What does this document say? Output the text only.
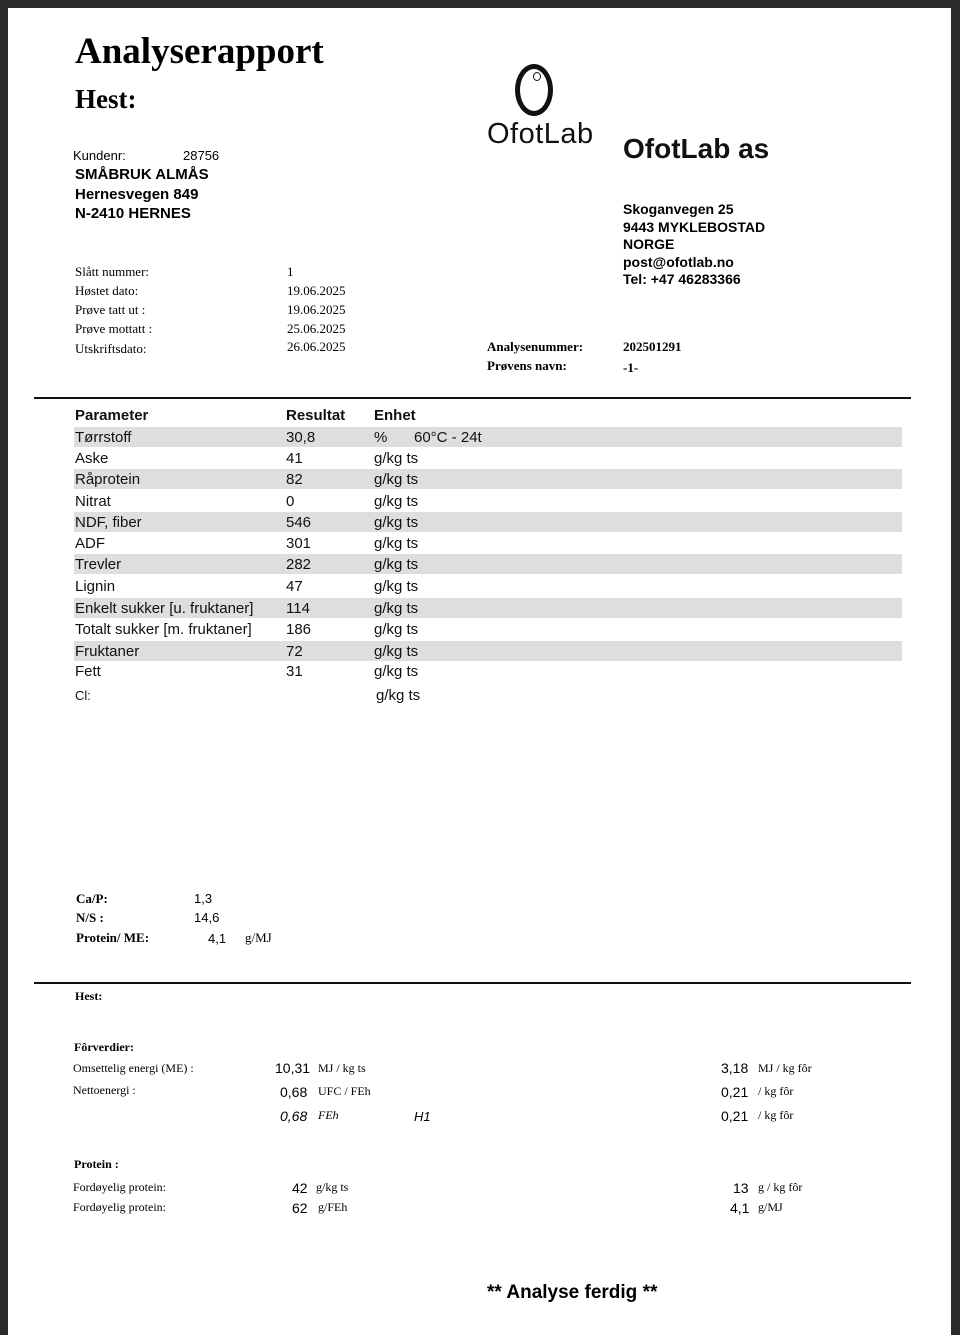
Analyserapport
Hest:
OfotLab OfotLab as
Skoganvegen 25
9443 MYKLEBOSTAD
NORGE
post@ofotlab.no
Tel: +47 46283366
Kundenr:	28756
SMÅBRUK ALMÅS
Hernesvegen 849
N-2410 HERNES
Slått nummer:	1
Høstet dato:	19.06.2025
Prøve tatt ut :	19.06.2025
Prøve mottatt :	25.06.2025
Utskriftsdato:	26.06.2025	Analysenummer:	202501291
Prøvens navn:	-1-
Parameter	Resultat Enhet
Tørrstoff	30,8	% 60°C - 24t
Aske	41	g/kg ts
Råprotein	82	g/kg ts
Nitrat	0	g/kg ts
NDF, fiber	546	g/kg ts
ADF	301	g/kg ts
Trevler	282	g/kg ts
Lignin	47	g/kg ts
Enkelt sukker [u. fruktaner] 114	g/kg ts
Totalt sukker [m. fruktaner] 186	g/kg ts
Fruktaner	72	g/kg ts
Fett	31	g/kg ts
Cl:	g/kg ts
Ca/P:	1,3
N/S :	14,6
Protein/ ME:	4,1 g/MJ
Hest:
Fôrverdier:
Omsettelig energi (ME) :	10,31 MJ / kg ts	3,18 MJ / kg fôr
Nettoenergi :	0,68 UFC / FEh	0,21 / kg fôr
0,68 FEh	H1	0,21 / kg fôr
Protein :
Fordøyelig protein:	42 g/kg ts	13 g / kg fôr
Fordøyelig protein:	62 g/FEh	4,1 g/MJ
** Analyse ferdig **
